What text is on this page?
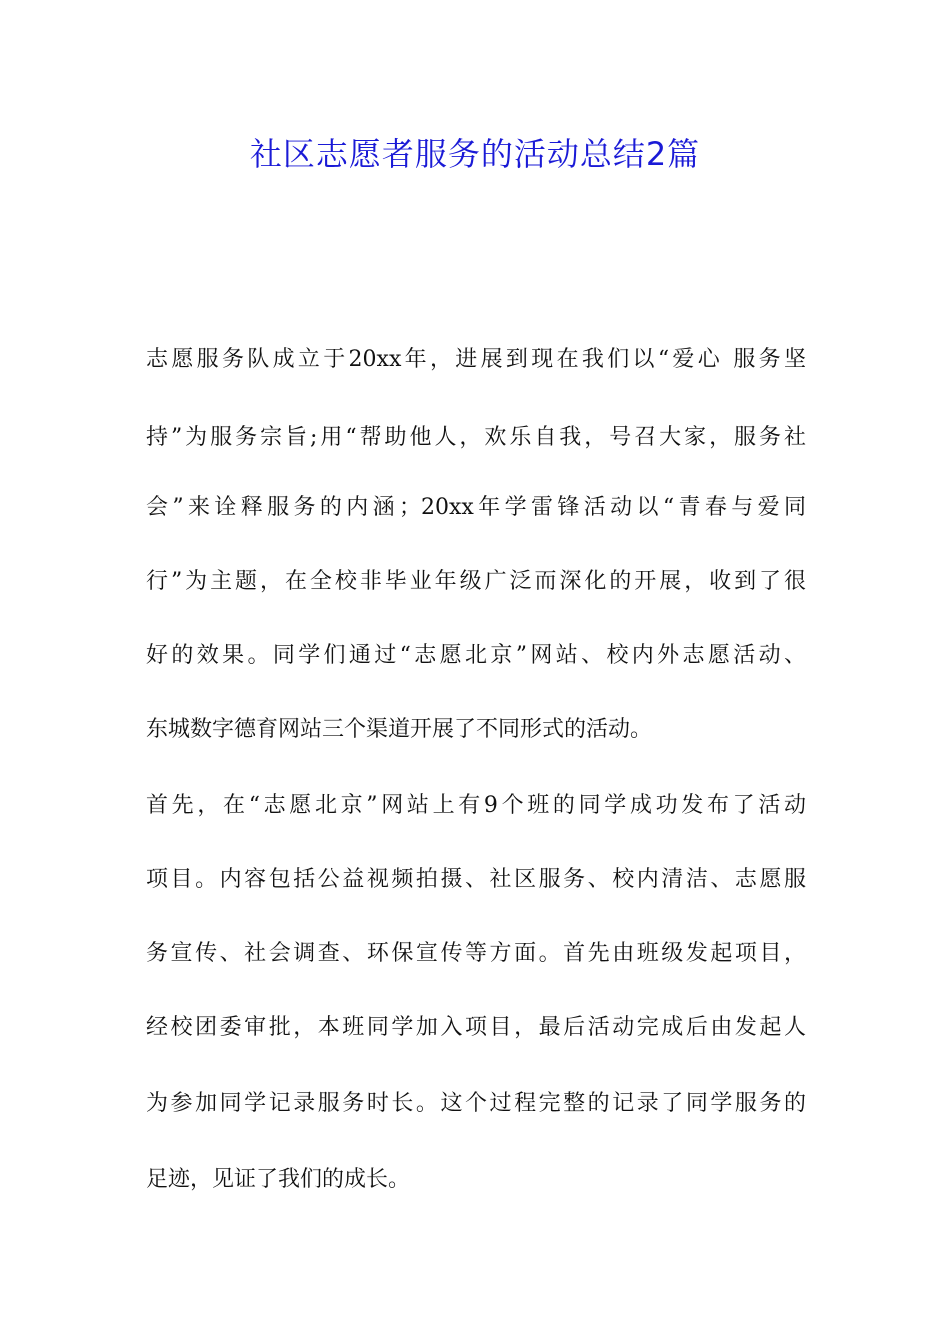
社区志愿者服务的活动总结2篇
志愿服务队成立于20xx年，进展到现在我们以“爱心 服务坚
持”为服务宗旨;用“帮助他人，欢乐自我，号召大家，服务社
会”来诠释服务的内涵；20xx年学雷锋活动以“青春与爱同
行”为主题，在全校非毕业年级广泛而深化的开展，收到了很
好的效果。同学们通过“志愿北京”网站、校内外志愿活动、
东城数字德育网站三个渠道开展了不同形式的活动。
首先，在“志愿北京”网站上有9个班的同学成功发布了活动
项目。内容包括公益视频拍摄、社区服务、校内清洁、志愿服
务宣传、社会调查、环保宣传等方面。首先由班级发起项目，
经校团委审批，本班同学加入项目，最后活动完成后由发起人
为参加同学记录服务时长。这个过程完整的记录了同学服务的
足迹，见证了我们的成长。
